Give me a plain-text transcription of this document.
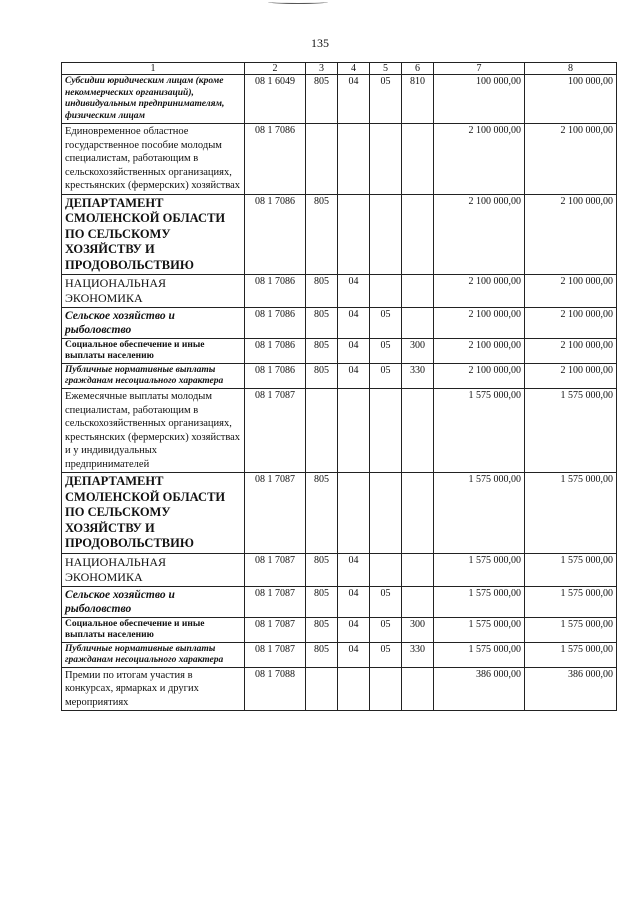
135
1	2	3	4	5	6	7	8
Субсидии юридическим лицам (кроме некоммерческих организаций), индивидуальным предпринимателям, физическим лицам	08 1 6049	805	04	05	810	100 000,00	100 000,00
Единовременное областное государственное пособие молодым специалистам, работающим в сельскохозяйственных организациях, крестьянских (фермерских) хозяйствах	08 1 7086					2 100 000,00	2 100 000,00
ДЕПАРТАМЕНТ СМОЛЕНСКОЙ ОБЛАСТИ ПО СЕЛЬСКОМУ ХОЗЯЙСТВУ И ПРОДОВОЛЬСТВИЮ	08 1 7086	805				2 100 000,00	2 100 000,00
НАЦИОНАЛЬНАЯ ЭКОНОМИКА	08 1 7086	805	04			2 100 000,00	2 100 000,00
Сельское хозяйство и рыболовство	08 1 7086	805	04	05		2 100 000,00	2 100 000,00
Социальное обеспечение и иные выплаты населению	08 1 7086	805	04	05	300	2 100 000,00	2 100 000,00
Публичные нормативные выплаты гражданам несоциального характера	08 1 7086	805	04	05	330	2 100 000,00	2 100 000,00
Ежемесячные выплаты молодым специалистам, работающим в сельскохозяйственных организациях, крестьянских (фермерских) хозяйствах и у индивидуальных предпринимателей	08 1 7087					1 575 000,00	1 575 000,00
ДЕПАРТАМЕНТ СМОЛЕНСКОЙ ОБЛАСТИ ПО СЕЛЬСКОМУ ХОЗЯЙСТВУ И ПРОДОВОЛЬСТВИЮ	08 1 7087	805				1 575 000,00	1 575 000,00
НАЦИОНАЛЬНАЯ ЭКОНОМИКА	08 1 7087	805	04			1 575 000,00	1 575 000,00
Сельское хозяйство и рыболовство	08 1 7087	805	04	05		1 575 000,00	1 575 000,00
Социальное обеспечение и иные выплаты населению	08 1 7087	805	04	05	300	1 575 000,00	1 575 000,00
Публичные нормативные выплаты гражданам несоциального характера	08 1 7087	805	04	05	330	1 575 000,00	1 575 000,00
Премии по итогам участия в конкурсах, ярмарках и других мероприятиях	08 1 7088					386 000,00	386 000,00
